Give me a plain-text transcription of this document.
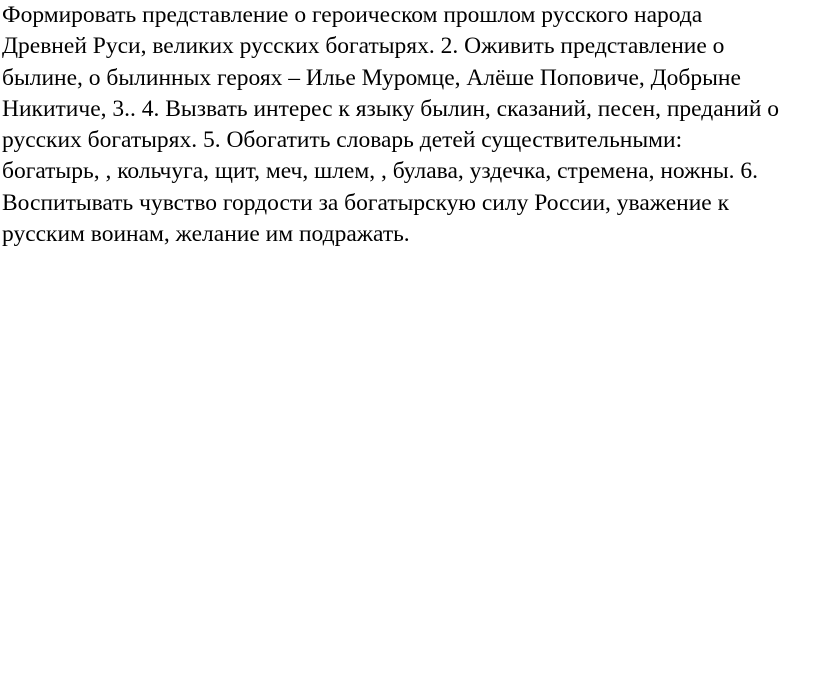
Формировать представление о героическом прошлом русского народа
Древней Руси, великих русских богатырях. 2. Оживить представление о
былине, о былинных героях – Илье Муромце, Алёше Поповиче, Добрыне
Никитиче, 3.. 4. Вызвать интерес к языку былин, сказаний, песен, преданий о
русских богатырях. 5. Обогатить словарь детей существительными:
богатырь, , кольчуга, щит, меч, шлем, , булава, уздечка, стремена, ножны. 6.
Воспитывать чувство гордости за богатырскую силу России, уважение к
русским воинам, желание им подражать.
